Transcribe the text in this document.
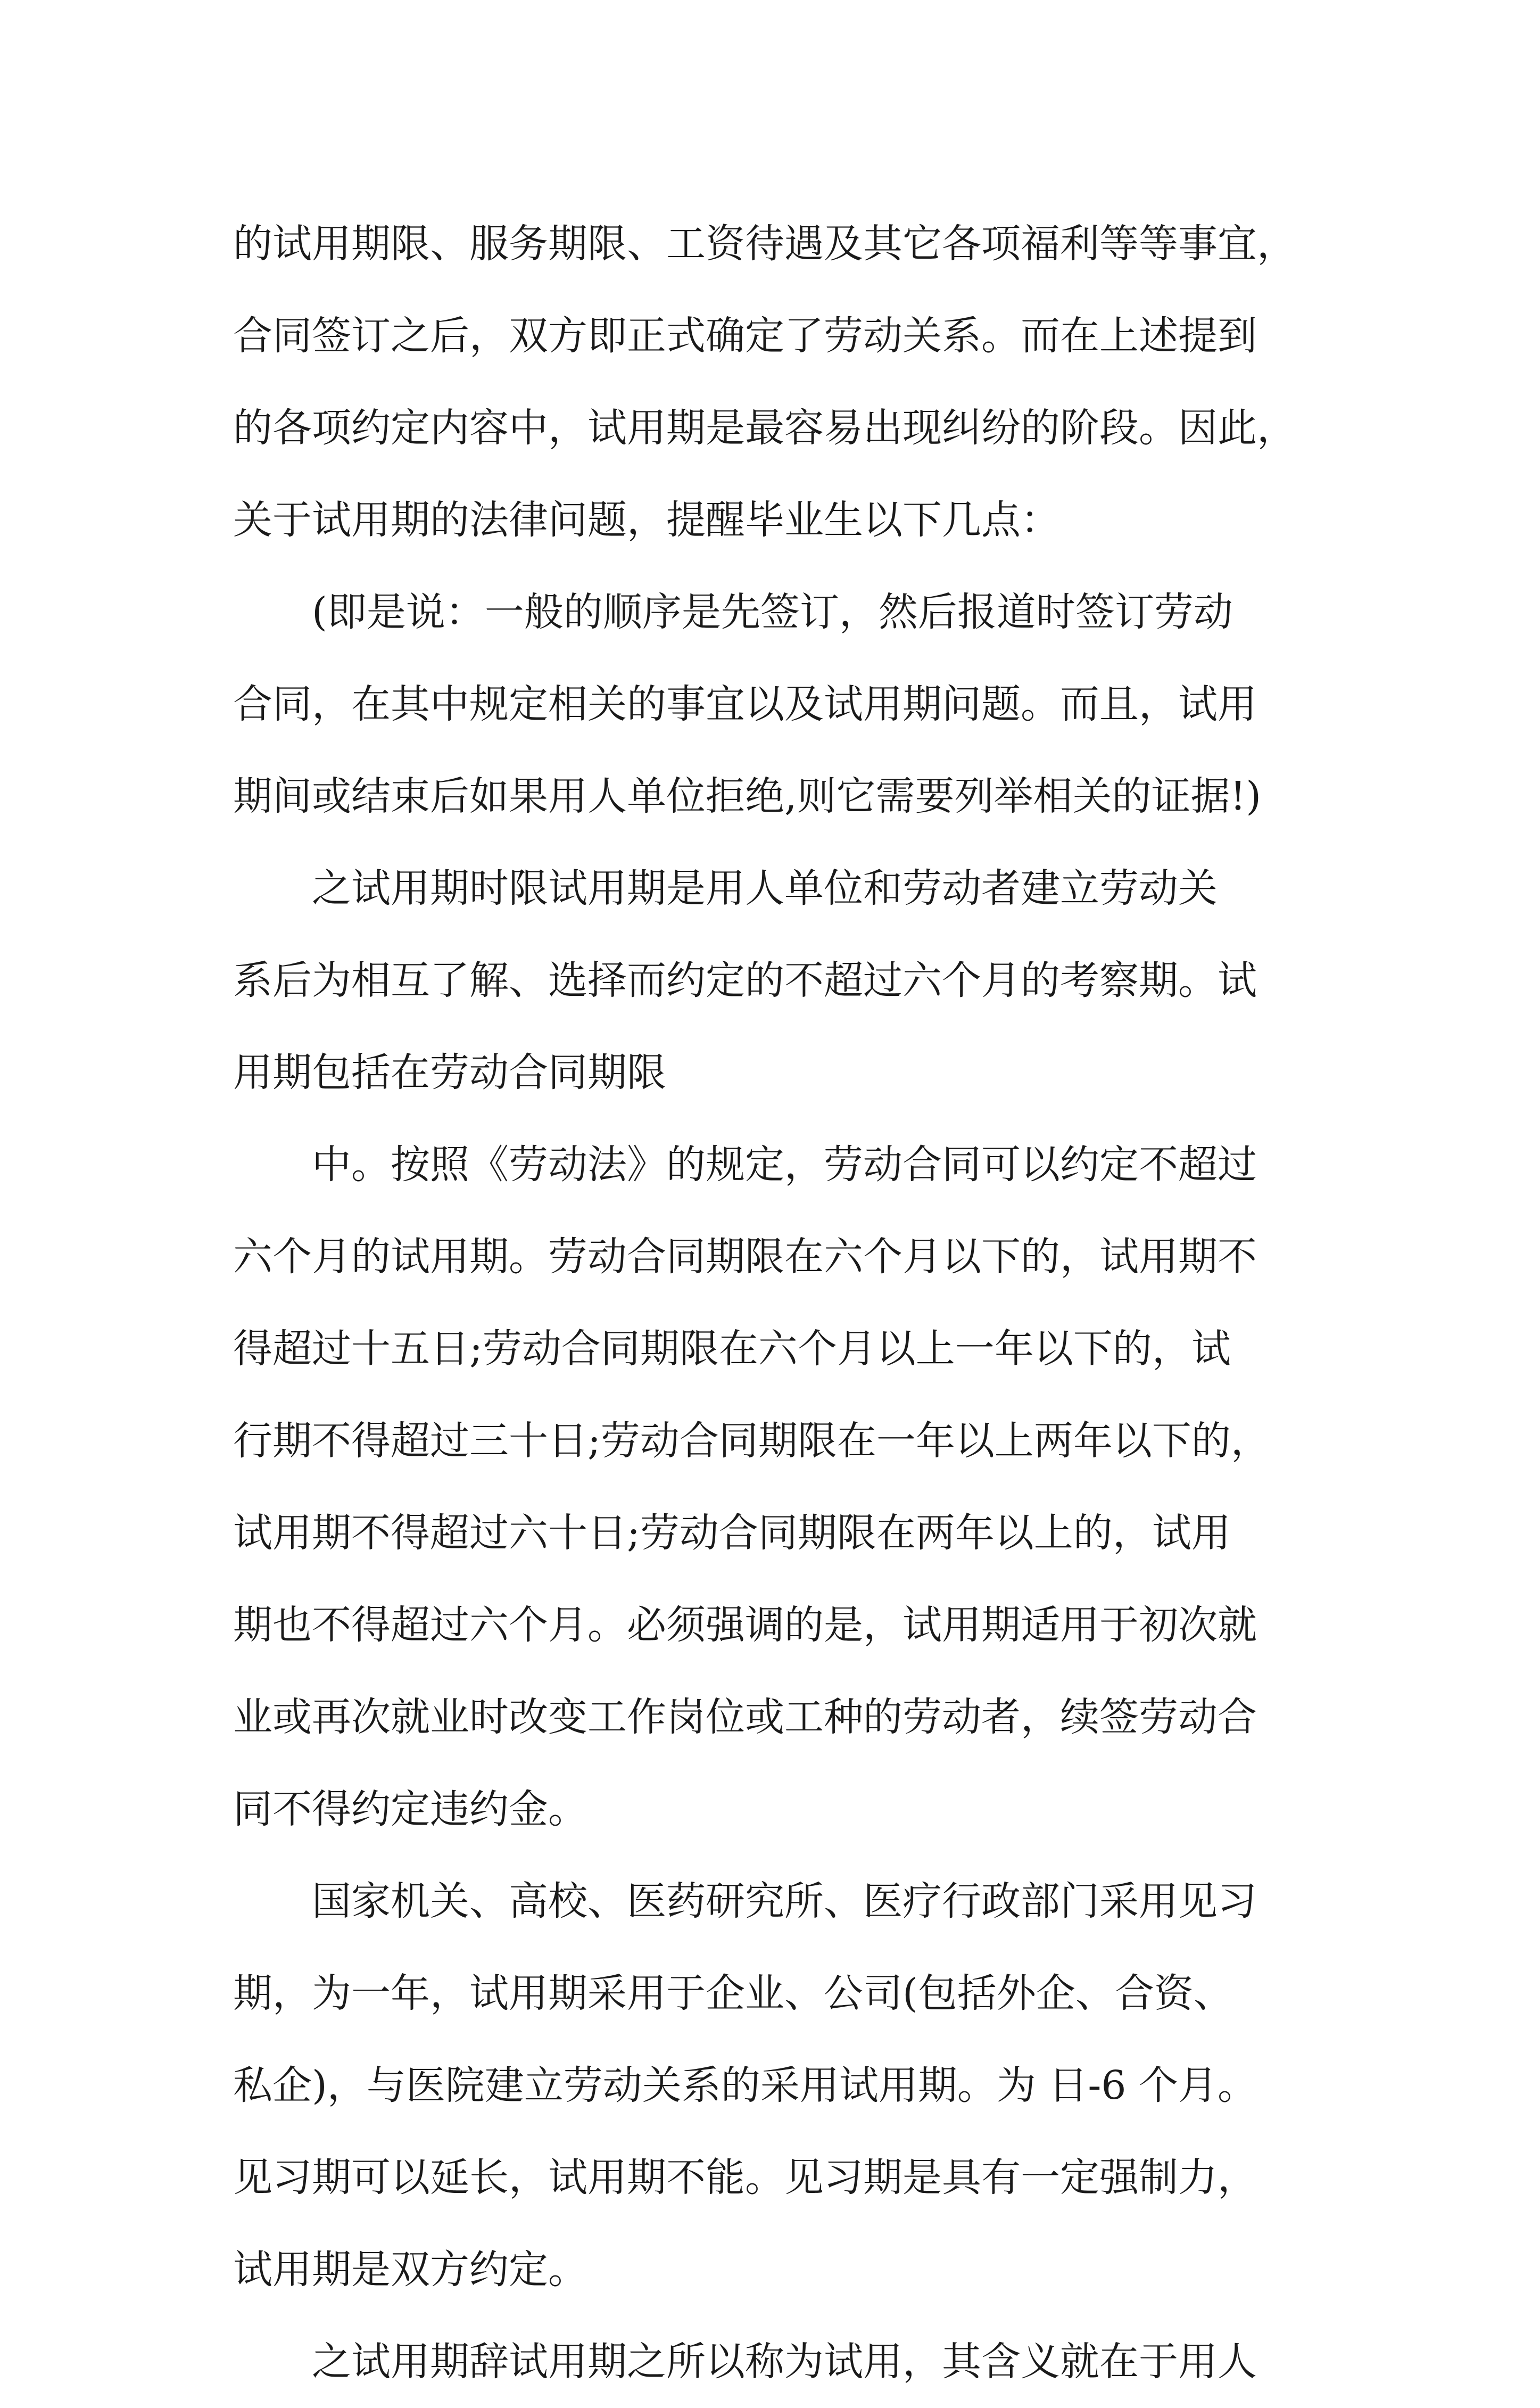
的试用期限、服务期限、工资待遇及其它各项福利等等事宜，
合同签订之后，双方即正式确定了劳动关系。而在上述提到
的各项约定内容中，试用期是最容易出现纠纷的阶段。因此，
关于试用期的法律问题，提醒毕业生以下几点：
(即是说：一般的顺序是先签订，然后报道时签订劳动
合同，在其中规定相关的事宜以及试用期问题。而且，试用
期间或结束后如果用人单位拒绝,则它需要列举相关的证据!)
之试用期时限试用期是用人单位和劳动者建立劳动关
系后为相互了解、选择而约定的不超过六个月的考察期。试
用期包括在劳动合同期限
中。按照《劳动法》的规定，劳动合同可以约定不超过
六个月的试用期。劳动合同期限在六个月以下的，试用期不
得超过十五日;劳动合同期限在六个月以上一年以下的，试
行期不得超过三十日;劳动合同期限在一年以上两年以下的，
试用期不得超过六十日;劳动合同期限在两年以上的，试用
期也不得超过六个月。必须强调的是，试用期适用于初次就
业或再次就业时改变工作岗位或工种的劳动者，续签劳动合
同不得约定违约金。
国家机关、高校、医药研究所、医疗行政部门采用见习
期，为一年，试用期采用于企业、公司(包括外企、合资、
私企)，与医院建立劳动关系的采用试用期。为 日-6 个月。
见习期可以延长，试用期不能。见习期是具有一定强制力，
试用期是双方约定。
之试用期辞试用期之所以称为试用，其含义就在于用人
